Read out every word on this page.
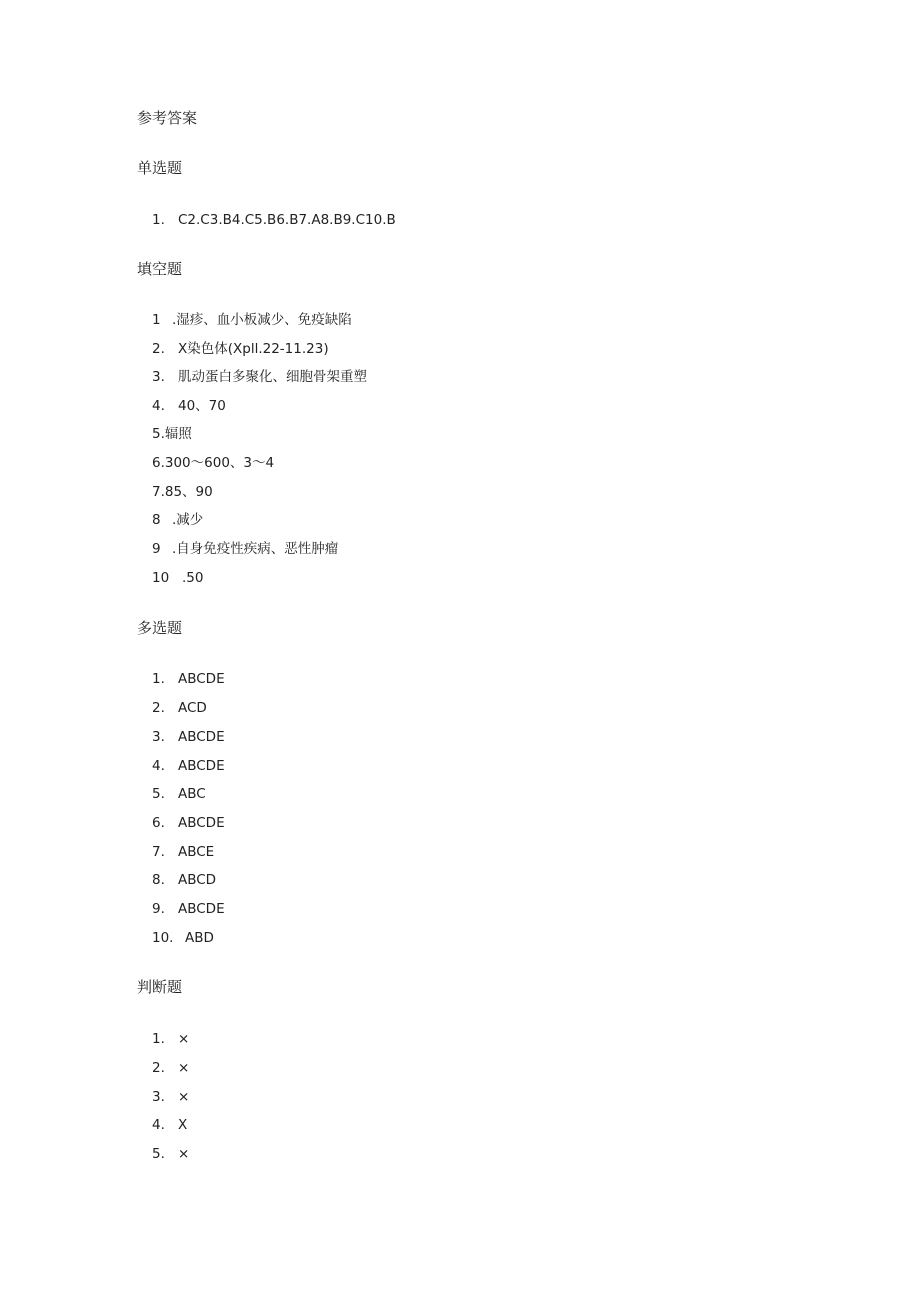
参考答案
单选题
1. C2.C3.B4.C5.B6.B7.A8.B9.C10.B
填空题
1 .湿疹、血小板减少、免疫缺陷
2. X染色体(Xpll.22-11.23)
3. 肌动蛋白多聚化、细胞骨架重塑
4. 40、70
5.辐照
6.300〜600、3〜4
7.85、90
8 .减少
9 .自身免疫性疾病、恶性肿瘤
10 .50
多选题
1. ABCDE
2. ACD
3. ABCDE
4. ABCDE
5. ABC
6. ABCDE
7. ABCE
8. ABCD
9. ABCDE
10. ABD
判断题
1. ×
2. ×
3. ×
4. X
5. ×
